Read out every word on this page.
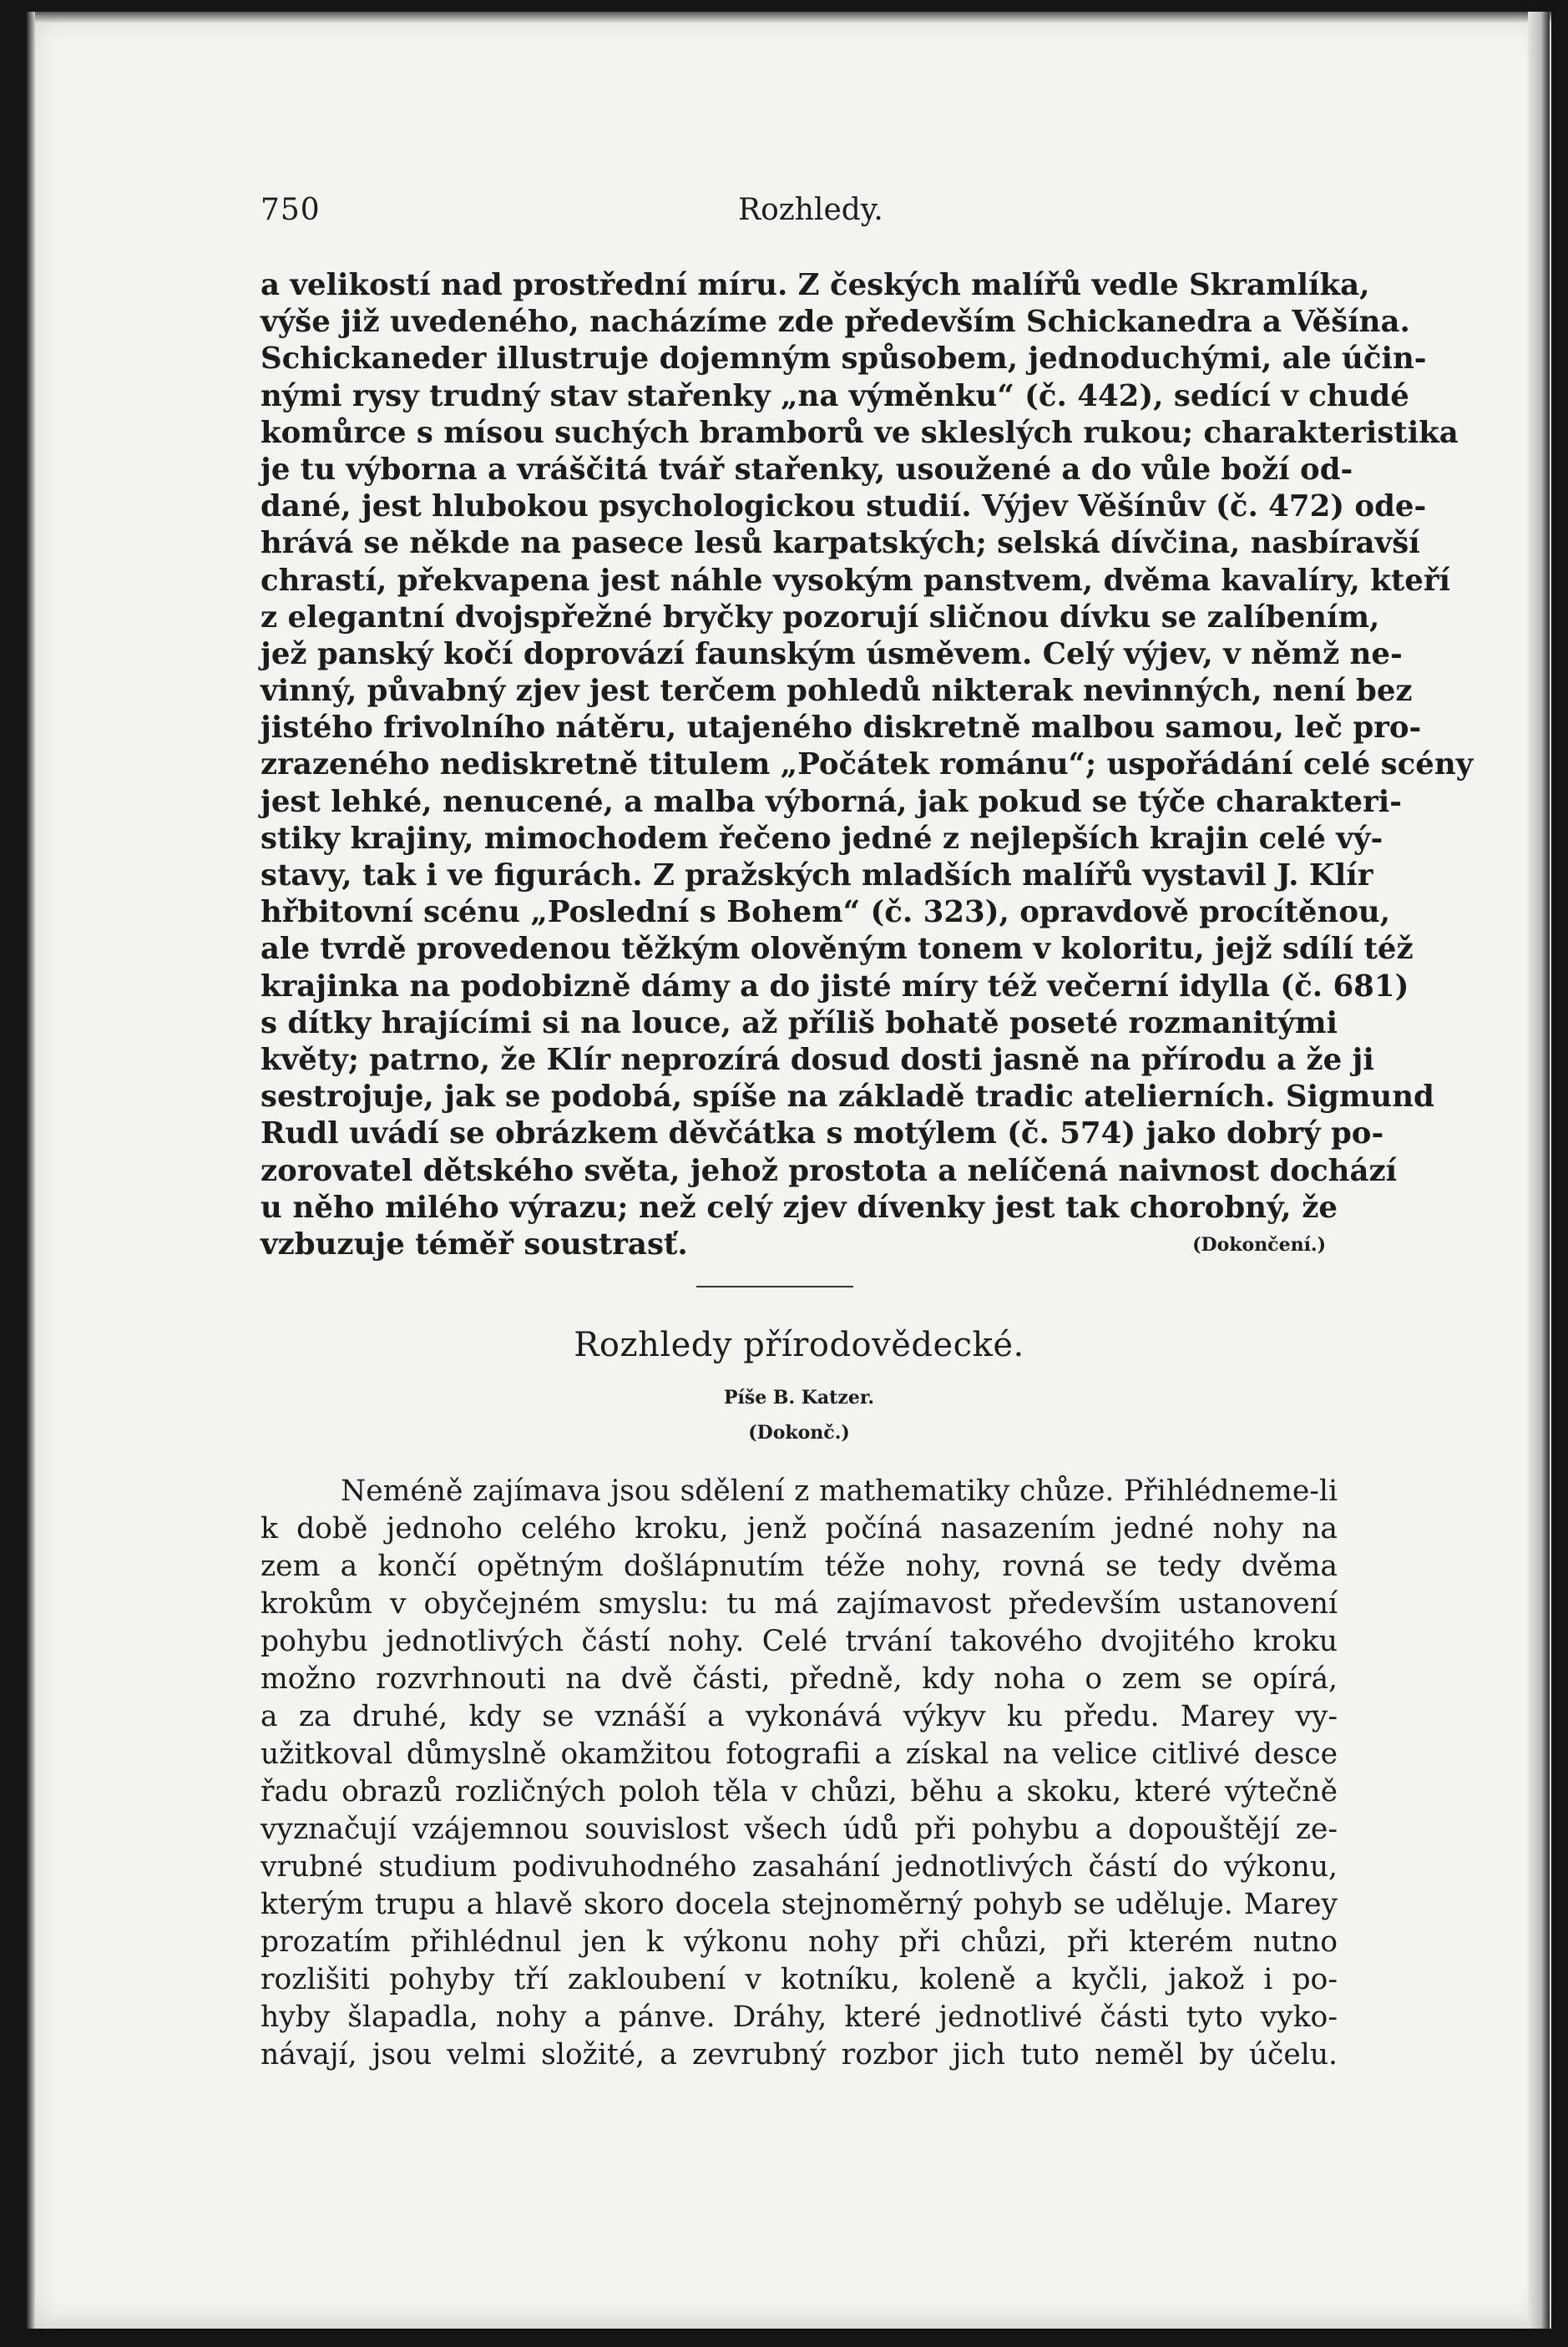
750	Rozhledy.
a velikostí nad prostřední míru. Z českých malířů vedle Skramlíka,
výše již uvedeného, nacházíme zde především Schickanedra a Věšína.
Schickaneder illustruje dojemným spůsobem, jednoduchými, ale účin-
nými rysy trudný stav stařenky „na výměnku“ (č. 442), sedící v chudé
komůrce s mísou suchých bramborů ve skleslých rukou; charakteristika
je tu výborna a vráščitá tvář stařenky, usoužené a do vůle boží od-
dané, jest hlubokou psychologickou studií. Výjev Věšínův (č. 472) ode-
hrává se někde na pasece lesů karpatských; selská dívčina, nasbíravší
chrastí, překvapena jest náhle vysokým panstvem, dvěma kavalíry, kteří
z elegantní dvojspřežné bryčky pozorují sličnou dívku se zalíbením,
jež panský kočí doprovází faunským úsměvem. Celý výjev, v němž ne-
vinný, půvabný zjev jest terčem pohledů nikterak nevinných, není bez
jistého frivolního nátěru, utajeného diskretně malbou samou, leč pro-
zrazeného nediskretně titulem „Počátek románu“; uspořádání celé scény
jest lehké, nenucené, a malba výborná, jak pokud se týče charakteri-
stiky krajiny, mimochodem řečeno jedné z nejlepších krajin celé vý-
stavy, tak i ve figurách. Z pražských mladších malířů vystavil J. Klír
hřbitovní scénu „Poslední s Bohem“ (č. 323), opravdově procítěnou,
ale tvrdě provedenou těžkým olověným tonem v koloritu, jejž sdílí též
krajinka na podobizně dámy a do jisté míry též večerní idylla (č. 681)
s dítky hrajícími si na louce, až příliš bohatě poseté rozmanitými
květy; patrno, že Klír neprozírá dosud dosti jasně na přírodu a že ji
sestrojuje, jak se podobá, spíše na základě tradic atelierních. Sigmund
Rudl uvádí se obrázkem děvčátka s motýlem (č. 574) jako dobrý po-
zorovatel dětského světa, jehož prostota a nelíčená naivnost dochází
u něho milého výrazu; než celý zjev dívenky jest tak chorobný, že
vzbuzuje téměř soustrasť.	(Dokončení.)
Rozhledy přírodovědecké.
Píše B. Katzer.
(Dokonč.)
Neméně zajímava jsou sdělení z mathematiky chůze. Přihlédneme-li
k době jednoho celého kroku, jenž počíná nasazením jedné nohy na
zem a končí opětným došlápnutím téže nohy, rovná se tedy dvěma
krokům v obyčejném smyslu: tu má zajímavost především ustanovení
pohybu jednotlivých částí nohy. Celé trvání takového dvojitého kroku
možno rozvrhnouti na dvě části, předně, kdy noha o zem se opírá,
a za druhé, kdy se vznáší a vykonává výkyv ku předu. Marey vy-
užitkoval důmyslně okamžitou fotografii a získal na velice citlivé desce
řadu obrazů rozličných poloh těla v chůzi, běhu a skoku, které výtečně
vyznačují vzájemnou souvislost všech údů při pohybu a dopouštějí ze-
vrubné studium podivuhodného zasahání jednotlivých částí do výkonu,
kterým trupu a hlavě skoro docela stejnoměrný pohyb se uděluje. Marey
prozatím přihlédnul jen k výkonu nohy při chůzi, při kterém nutno
rozlišiti pohyby tří zakloubení v kotníku, koleně a kyčli, jakož i po-
hyby šlapadla, nohy a pánve. Dráhy, které jednotlivé části tyto vyko-
návají, jsou velmi složité, a zevrubný rozbor jich tuto neměl by účelu.
